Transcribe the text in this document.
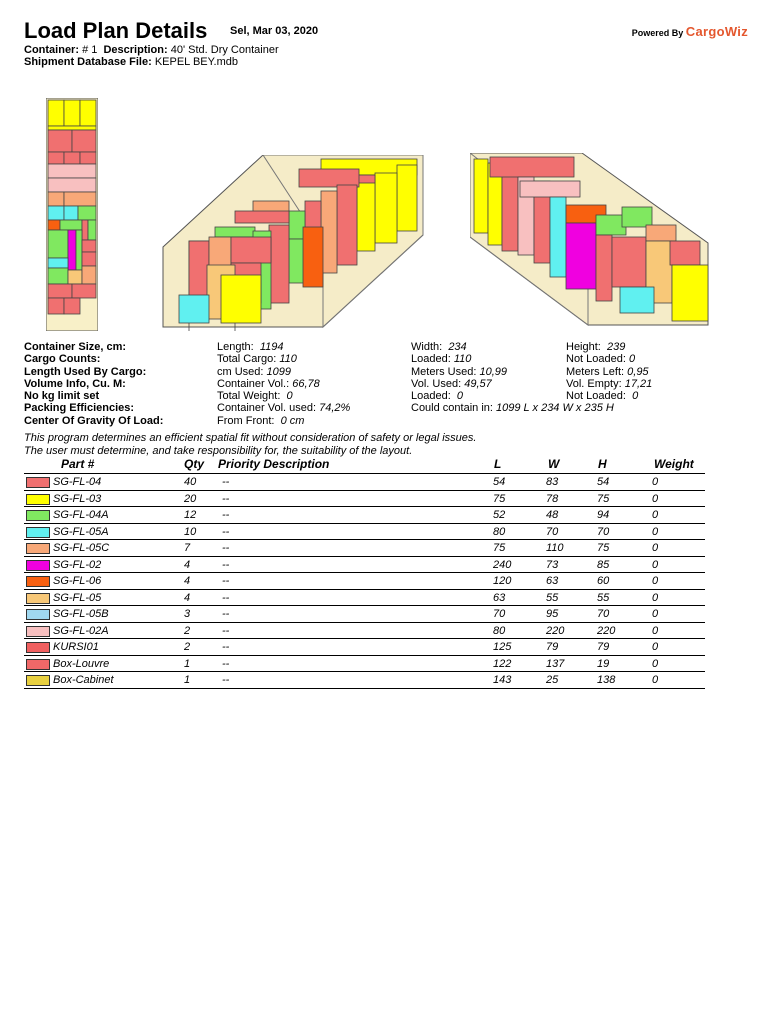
Load Plan Details Sel, Mar 03, 2020	Powered By CargoWiz
Container: # 1 Description: 40' Std. Dry Container
Shipment Database File: KEPEL BEY.mdb
Container Size, cm:	Length: 1194	Width: 234	Height: 239
Cargo Counts:	Total Cargo: 110	Loaded: 110	Not Loaded: 0
Length Used By Cargo:	cm Used: 1099	Meters Used: 10,99	Meters Left: 0,95
Volume Info, Cu. M:	Container Vol.: 66,78	Vol. Used: 49,57	Vol. Empty: 17,21
No kg limit set	Total Weight: 0	Loaded: 0	Not Loaded: 0
Packing Efficiencies:	Container Vol. used: 74,2%	Could contain in: 1099 L x 234 W x 235 H
Center Of Gravity Of Load:	From Front: 0 cm
This program determines an efficient spatial fit without consideration of safety or legal issues.
The user must determine, and take responsibility for, the suitability of the layout.
Part #	Qty Priority Description	L	W	H	Weight
SG-FL-04	40 --	54	83	54	0
SG-FL-03	20 --	75	78	75	0
SG-FL-04A	12 --	52	48	94	0
SG-FL-05A	10 --	80	70	70	0
SG-FL-05C	7	--	75	110	75	0
SG-FL-02	4	--	240	73	85	0
SG-FL-06	4	--	120	63	60	0
SG-FL-05	4	--	63	55	55	0
SG-FL-05B	3	--	70	95	70	0
SG-FL-02A	2	--	80	220	220	0
KURSI01	2	--	125	79	79	0
Box-Louvre	1	--	122	137	19	0
Box-Cabinet	1	--	143	25	138	0
